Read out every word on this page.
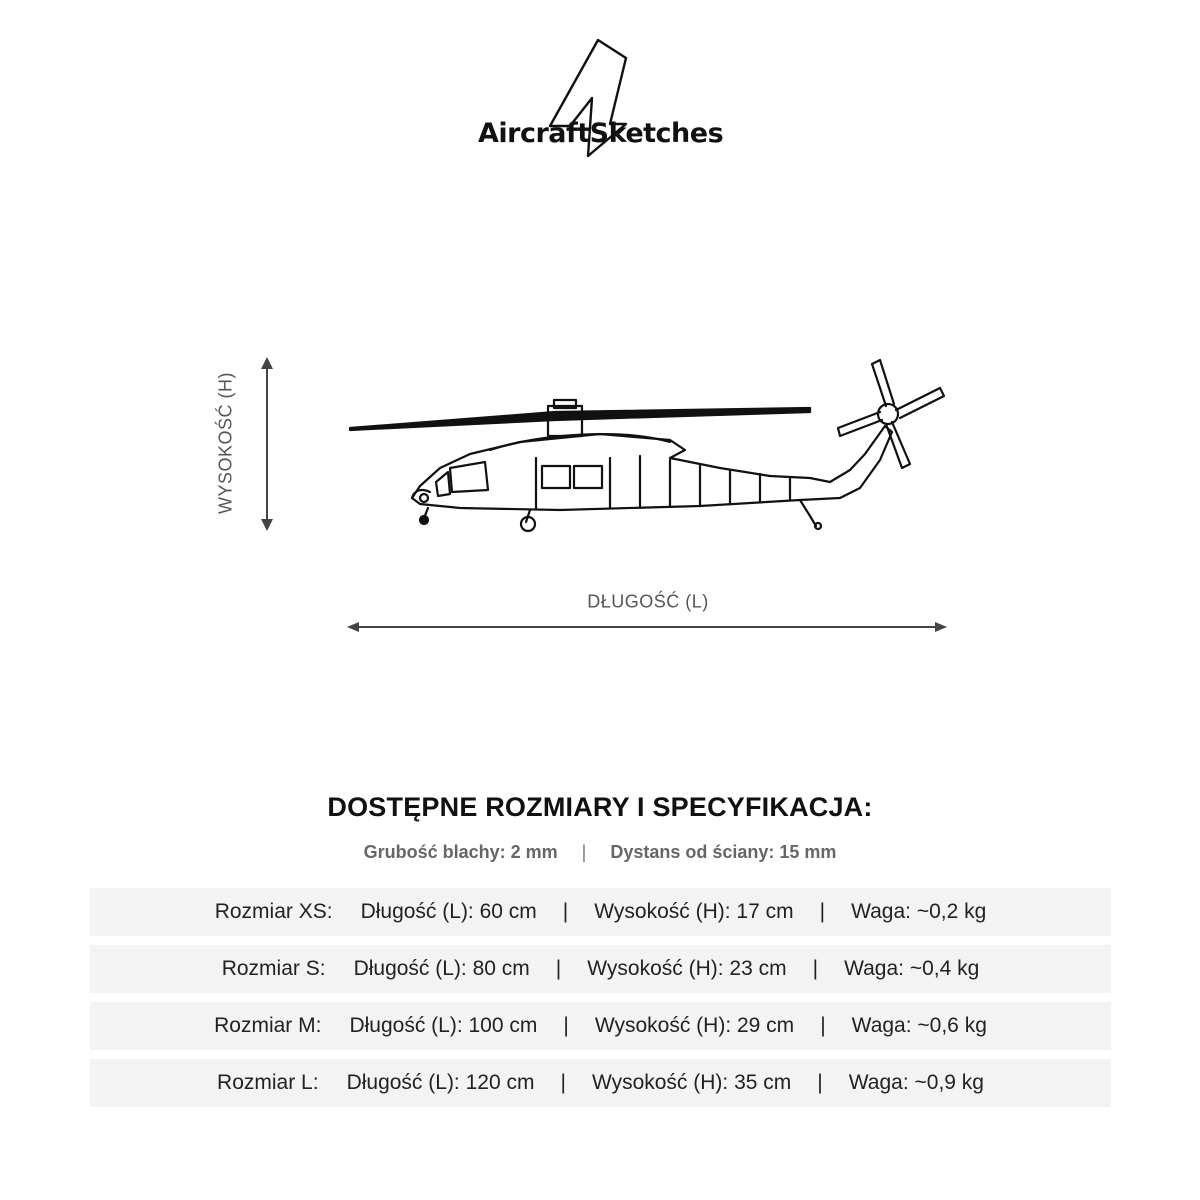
AircraftSketches
WYSOKOŚĆ (H)
DŁUGOŚĆ (L)
DOSTĘPNE ROZMIARY I SPECYFIKACJA:
Grubość blachy: 2 mm | Dystans od ściany: 15 mm
Rozmiar XS: Długość (L): 60 cm | Wysokość (H): 17 cm | Waga: ~0,2 kg
Rozmiar S: Długość (L): 80 cm | Wysokość (H): 23 cm | Waga: ~0,4 kg
Rozmiar M: Długość (L): 100 cm | Wysokość (H): 29 cm | Waga: ~0,6 kg
Rozmiar L: Długość (L): 120 cm | Wysokość (H): 35 cm | Waga: ~0,9 kg
